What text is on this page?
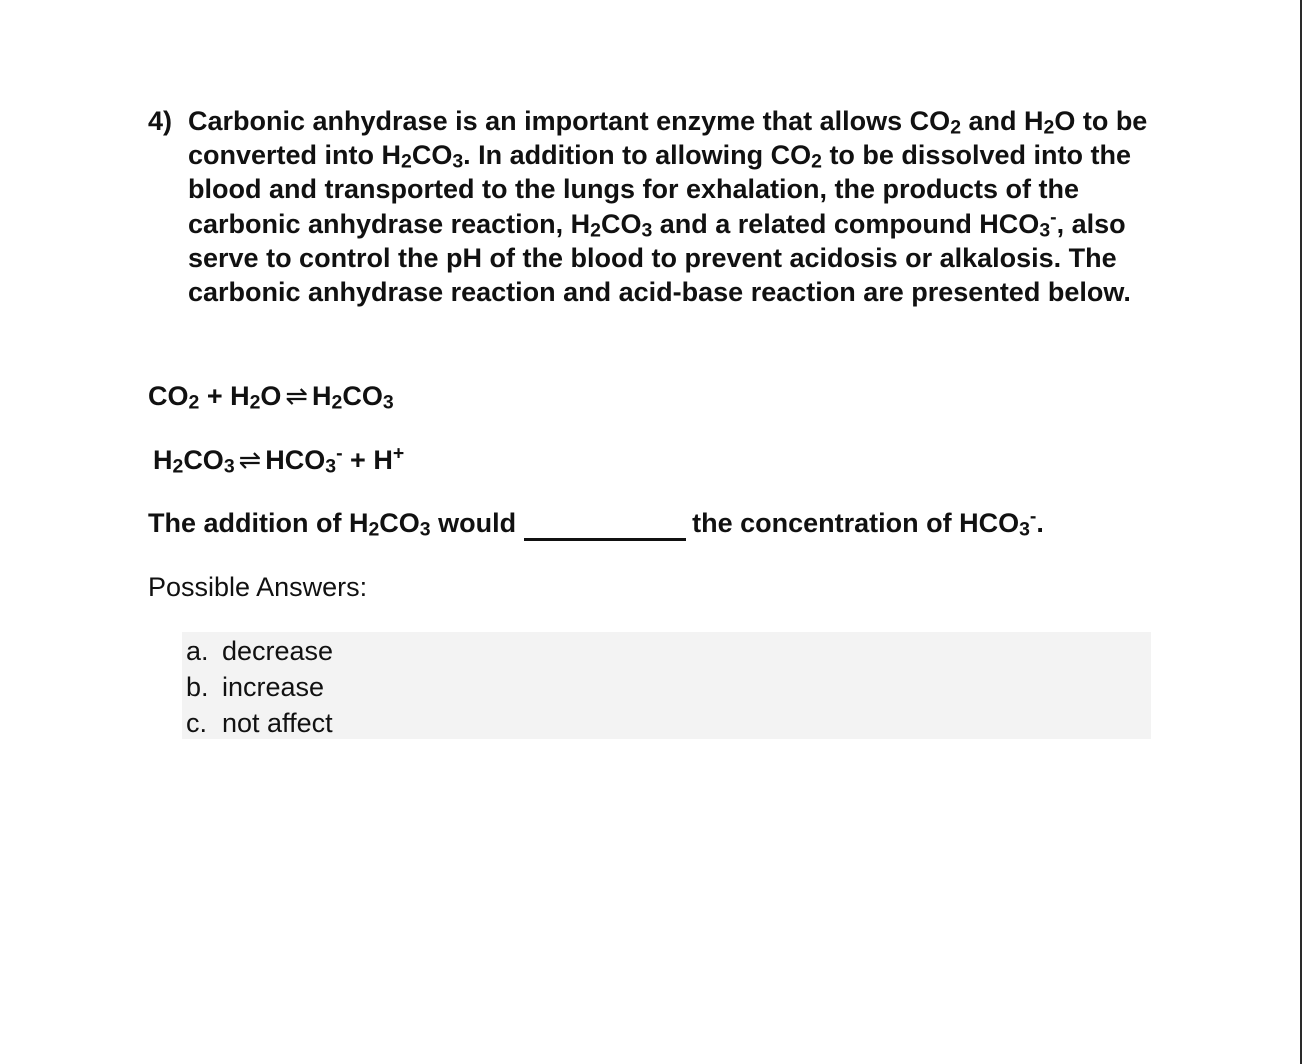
4) Carbonic anhydrase is an important enzyme that allows CO2 and H2O to be converted into H2CO3. In addition to allowing CO2 to be dissolved into the blood and transported to the lungs for exhalation, the products of the carbonic anhydrase reaction, H2CO3 and a related compound HCO3-, also serve to control the pH of the blood to prevent acidosis or alkalosis. The carbonic anhydrase reaction and acid-base reaction are presented below.
CO2 + H2O ⇌ H2CO3
H2CO3 ⇌ HCO3- + H+
The addition of H2CO3 would	the concentration of HCO3-.
Possible Answers:
a. decrease
b. increase
c. not affect
